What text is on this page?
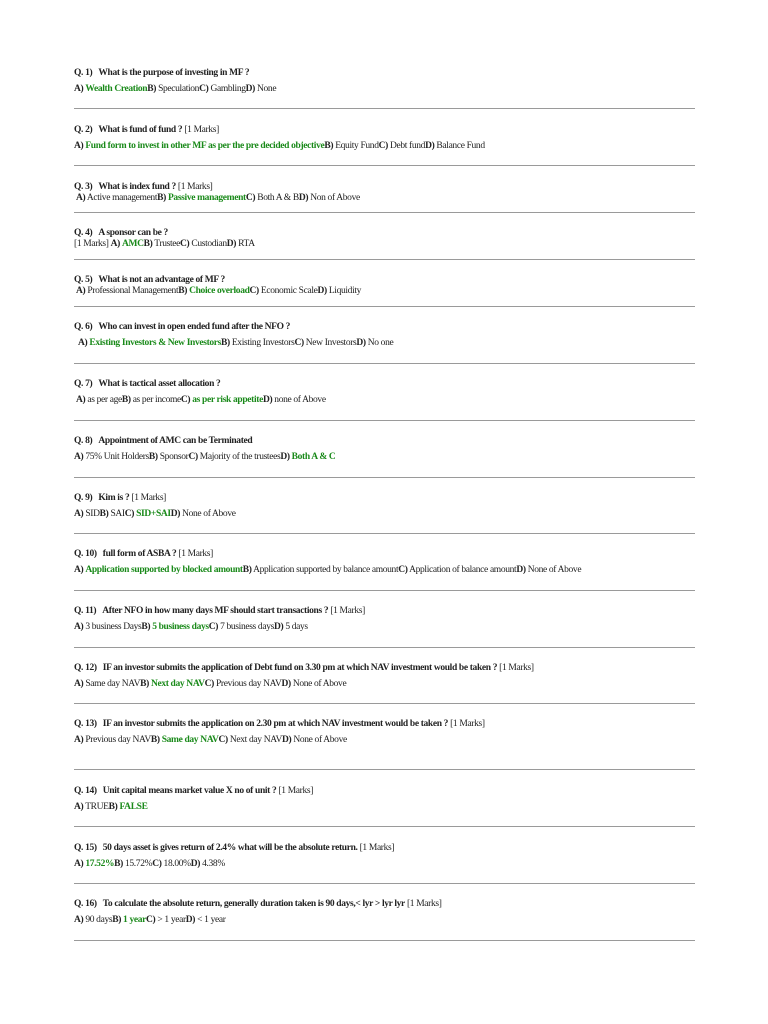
Q. 1) What is the purpose of investing in MF ?
A) Wealth CreationB) SpeculationC) GamblingD) None
Q. 2) What is fund of fund ? [1 Marks]
A) Fund form to invest in other MF as per the pre decided objectiveB) Equity FundC) Debt fundD) Balance Fund
Q. 3) What is index fund ? [1 Marks]
A) Active managementB) Passive managementC) Both A & BD) Non of Above
Q. 4) A sponsor can be ?
[1 Marks] A) AMCB) TrusteeC) CustodianD) RTA
Q. 5) What is not an advantage of MF ?
A) Professional ManagementB) Choice overloadC) Economic ScaleD) Liquidity
Q. 6) Who can invest in open ended fund after the NFO ?
A) Existing Investors & New InvestorsB) Existing InvestorsC) New InvestorsD) No one
Q. 7) What is tactical asset allocation ?
A) as per ageB) as per incomeC) as per risk appetiteD) none of Above
Q. 8) Appointment of AMC can be Terminated
A) 75% Unit HoldersB) SponsorC) Majority of the trusteesD) Both A & C
Q. 9) Kim is ? [1 Marks]
A) SIDB) SAIC) SID+SAID) None of Above
Q. 10) full form of ASBA ? [1 Marks]
A) Application supported by blocked amountB) Application supported by balance amountC) Application of balance amountD) None of Above
Q. 11) After NFO in how many days MF should start transactions ? [1 Marks]
A) 3 business DaysB) 5 business daysC) 7 business daysD) 5 days
Q. 12) IF an investor submits the application of Debt fund on 3.30 pm at which NAV investment would be taken ? [1 Marks]
A) Same day NAVB) Next day NAVC) Previous day NAVD) None of Above
Q. 13) IF an investor submits the application on 2.30 pm at which NAV investment would be taken ? [1 Marks]
A) Previous day NAVB) Same day NAVC) Next day NAVD) None of Above
Q. 14) Unit capital means market value X no of unit ? [1 Marks]
A) TRUEB) FALSE
Q. 15) 50 days asset is gives return of 2.4% what will be the absolute return. [1 Marks]
A) 17.52%B) 15.72%C) 18.00%D) 4.38%
Q. 16) To calculate the absolute return, generally duration taken is 90 days,< lyr > lyr lyr [1 Marks]
A) 90 daysB) 1 yearC) > 1 yearD) < 1 year
